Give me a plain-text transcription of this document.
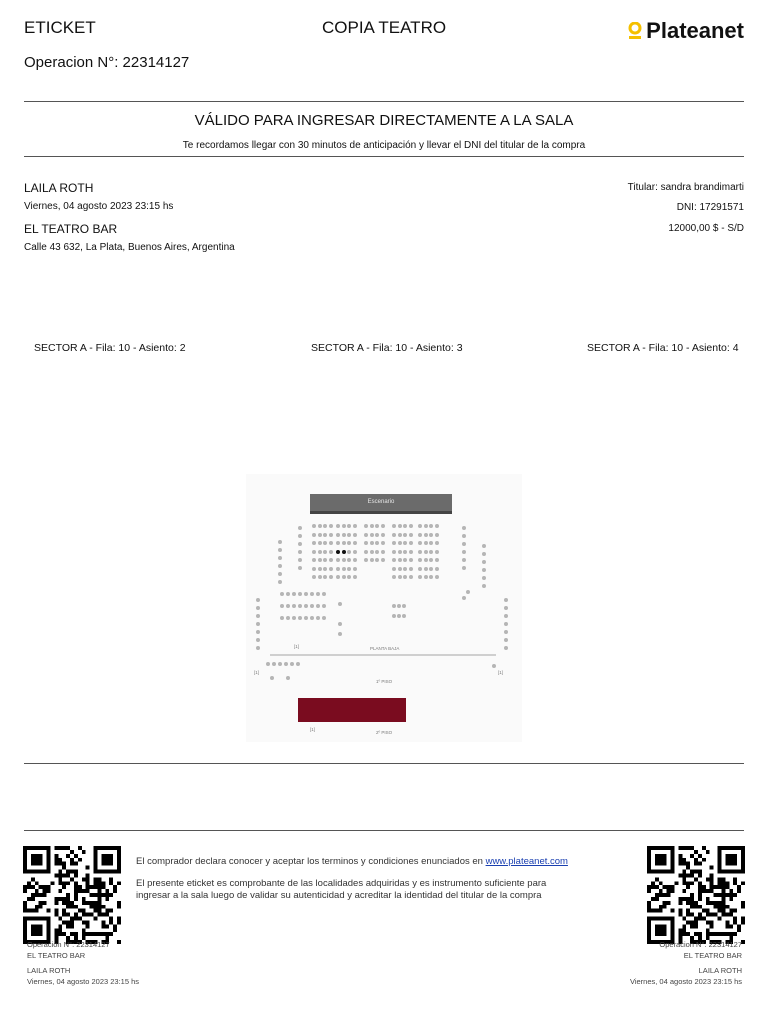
ETICKET	COPIA TEATRO	Plateanet
Operacion N°: 22314127
VÁLIDO PARA INGRESAR DIRECTAMENTE A LA SALA
Te recordamos llegar con 30 minutos de anticipación y llevar el DNI del titular de la compra
LAILA ROTH
Viernes, 04 agosto 2023 23:15 hs
EL TEATRO BAR
Calle 43 632, La Plata, Buenos Aires, Argentina
Titular: sandra brandimarti
DNI: 17291571
12000,00 $ - S/D
SECTOR A - Fila: 10 - Asiento: 2	SECTOR A - Fila: 10 - Asiento: 3	SECTOR A - Fila: 10 - Asiento: 4
Escenario
PLANTA BAJA
1º PISO
2º PISO
[1]
[1]
[1]
[1]
El comprador declara conocer y aceptar los terminos y condiciones enunciados en www.plateanet.com
El presente eticket es comprobante de las localidades adquiridas y es instrumento suficiente para
ingresar a la sala luego de validar su autenticidad y acreditar la identidad del titular de la compra
Operacion N°: 22314127
EL TEATRO BAR
LAILA ROTH
Viernes, 04 agosto 2023 23:15 hs
Operacion N°: 22314127
EL TEATRO BAR
LAILA ROTH
Viernes, 04 agosto 2023 23:15 hs
